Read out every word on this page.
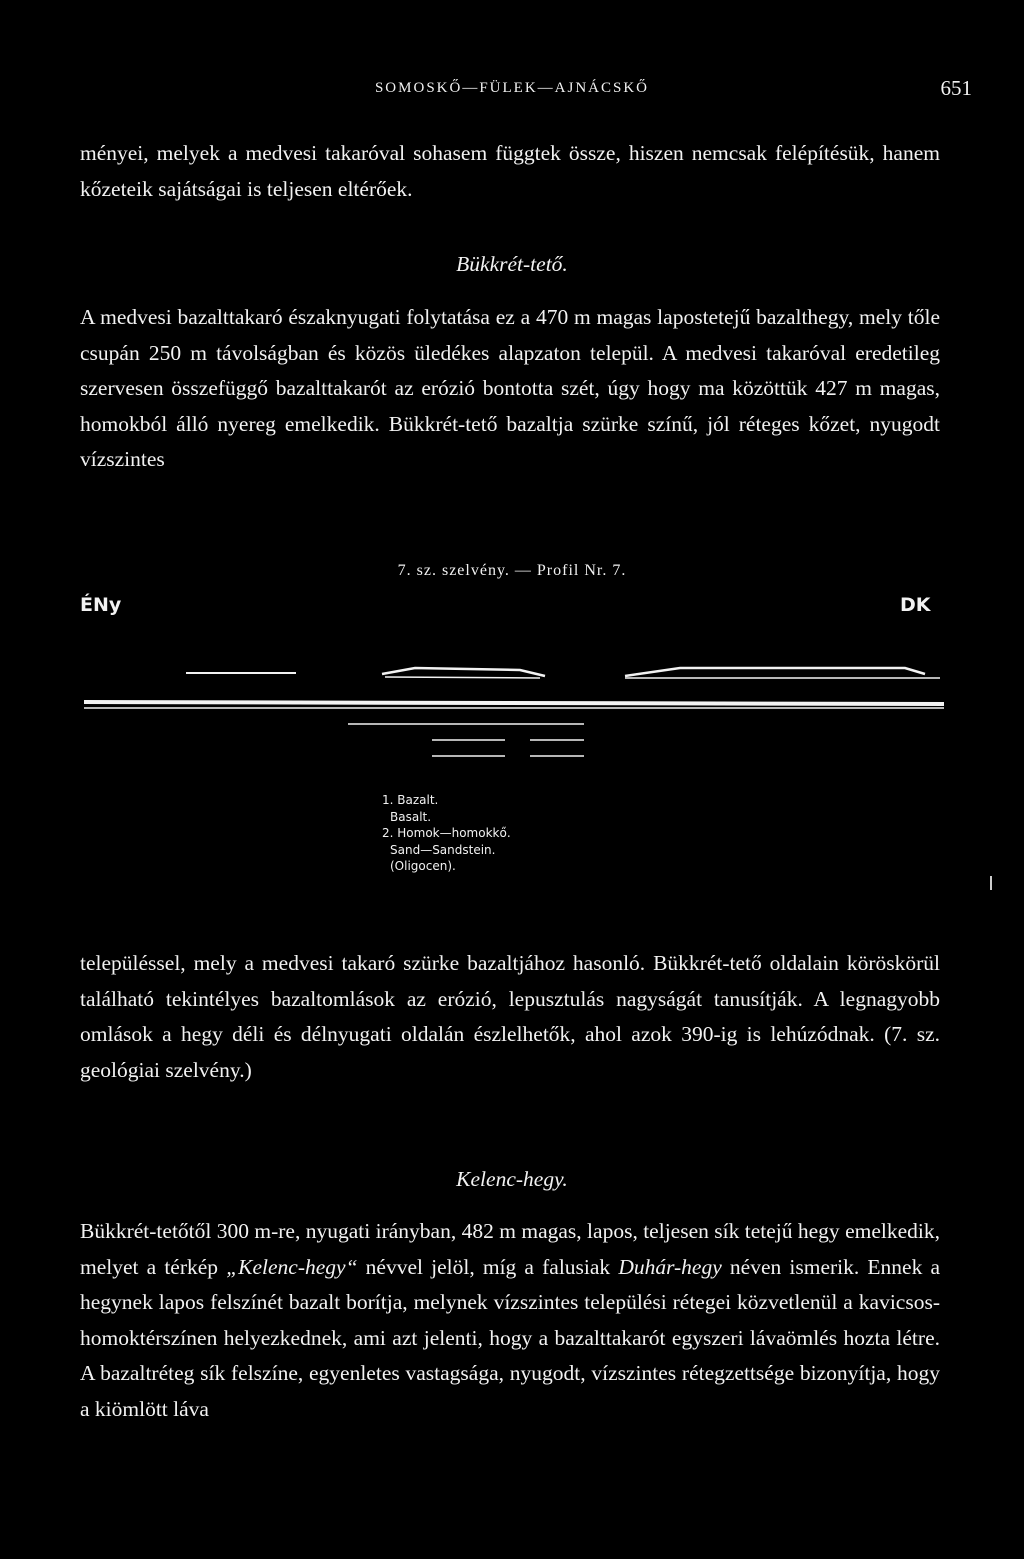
SOMOSKŐ—FÜLEK—AJNÁCSKŐ	651
ményei, melyek a medvesi takaróval sohasem függtek össze, hiszen nemcsak felépítésük, hanem kőzeteik sajátságai is teljesen eltérőek.
Bükkrét-tető.
A medvesi bazalttakaró északnyugati folytatása ez a 470 m magas lapostetejű bazalthegy, mely tőle csupán 250 m távolságban és közös üledékes alapzaton települ. A medvesi takaróval eredetileg szervesen összefüggő bazalttakarót az erózió bontotta szét, úgy hogy ma közöttük 427 m magas, homokból álló nyereg emelkedik. Bükkrét-tető bazaltja szürke színű, jól réteges kőzet, nyugodt vízszintes
7. sz. szelvény. — Profil Nr. 7.
ÉNy	DK
1. Bazalt.
Basalt.
2. Homok—homokkő.
Sand—Sandstein.
(Oligocen).
településsel, mely a medvesi takaró szürke bazaltjához hasonló. Bükkrét-tető oldalain köröskörül található tekintélyes bazaltomlások az erózió, lepusztulás nagyságát tanusítják. A legnagyobb omlások a hegy déli és délnyugati oldalán észlelhetők, ahol azok 390-ig is lehúzódnak. (7. sz. geológiai szelvény.)
Kelenc-hegy.
Bükkrét-tetőtől 300 m-re, nyugati irányban, 482 m magas, lapos, teljesen sík tetejű hegy emelkedik, melyet a térkép „Kelenc-hegy“ névvel jelöl, míg a falusiak Duhár-hegy néven ismerik. Ennek a hegynek lapos felszínét bazalt borítja, melynek vízszintes települési rétegei közvetlenül a kavicsos-homoktérszínen helyezkednek, ami azt jelenti, hogy a bazalttakarót egyszeri lávaömlés hozta létre. A bazaltréteg sík felszíne, egyenletes vastagsága, nyugodt, vízszintes rétegzettsége bizonyítja, hogy a kiömlött láva
